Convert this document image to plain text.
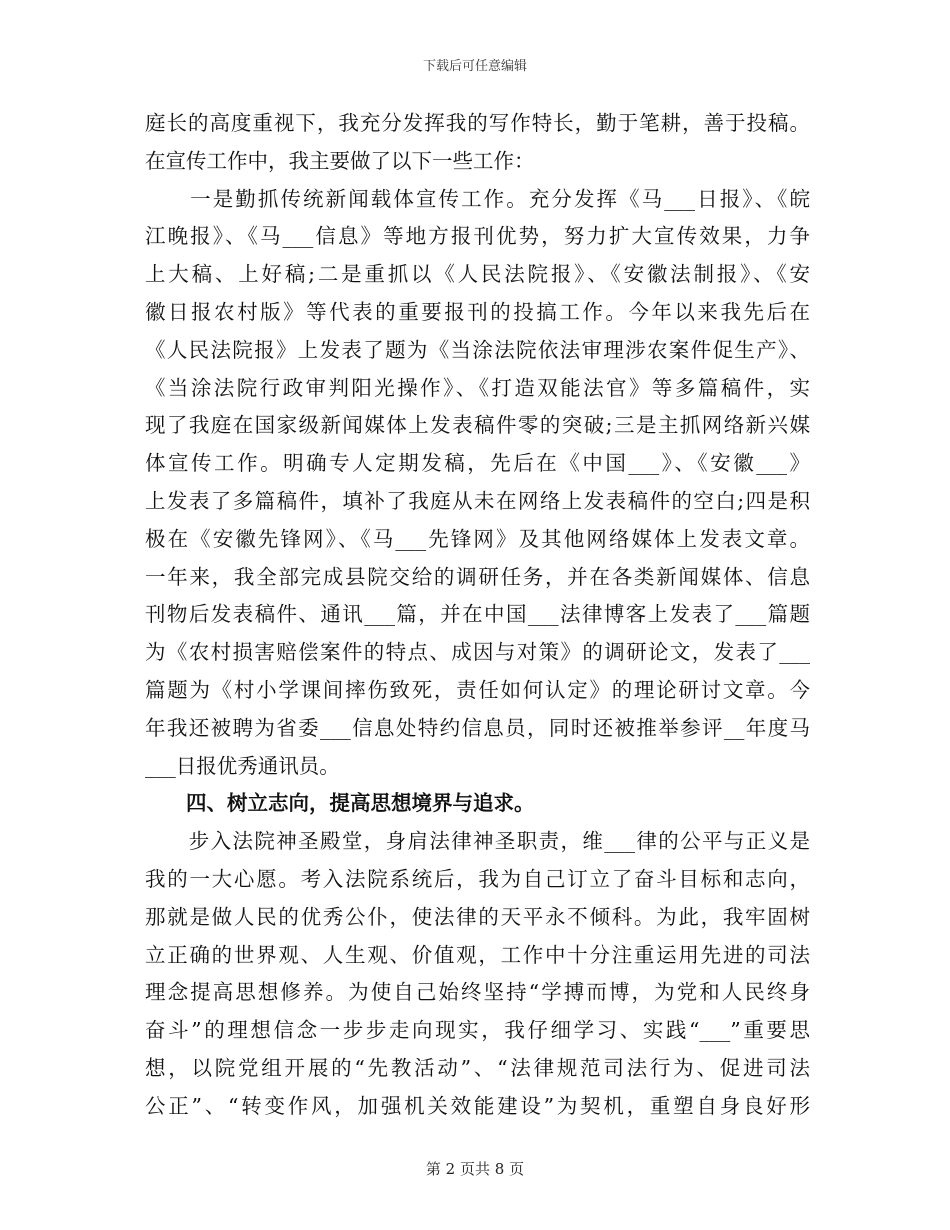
下载后可任意编辑
庭长的高度重视下，我充分发挥我的写作特长，勤于笔耕，善于投稿。
在宣传工作中，我主要做了以下一些工作：
　　一是勤抓传统新闻载体宣传工作。充分发挥《马___日报》、《皖
江晚报》、《马___信息》等地方报刊优势，努力扩大宣传效果，力争
上大稿、上好稿;二是重抓以《人民法院报》、《安徽法制报》、《安
徽日报农村版》等代表的重要报刊的投搞工作。今年以来我先后在
《人民法院报》上发表了题为《当涂法院依法审理涉农案件促生产》、
《当涂法院行政审判阳光操作》、《打造双能法官》等多篇稿件，实
现了我庭在国家级新闻媒体上发表稿件零的突破;三是主抓网络新兴媒
体宣传工作。明确专人定期发稿，先后在《中国___》、《安徽___》
上发表了多篇稿件，填补了我庭从未在网络上发表稿件的空白;四是积
极在《安徽先锋网》、《马___先锋网》及其他网络媒体上发表文章。
一年来，我全部完成县院交给的调研任务，并在各类新闻媒体、信息
刊物后发表稿件、通讯___篇，并在中国___法律博客上发表了___篇题
为《农村损害赔偿案件的特点、成因与对策》的调研论文，发表了___
篇题为《村小学课间摔伤致死，责任如何认定》的理论研讨文章。今
年我还被聘为省委___信息处特约信息员，同时还被推举参评__年度马
___日报优秀通讯员。
四、树立志向，提高思想境界与追求。
　　步入法院神圣殿堂，身肩法律神圣职责，维___律的公平与正义是
我的一大心愿。考入法院系统后，我为自己订立了奋斗目标和志向，
那就是做人民的优秀公仆，使法律的天平永不倾科。为此，我牢固树
立正确的世界观、人生观、价值观，工作中十分注重运用先进的司法
理念提高思想修养。为使自己始终坚持“学搏而博，为党和人民终身
奋斗”的理想信念一步步走向现实，我仔细学习、实践“___”重要思
想，以院党组开展的“先教活动”、“法律规范司法行为、促进司法
公正”、“转变作风，加强机关效能建设”为契机，重塑自身良好形
第 2 页共 8 页
